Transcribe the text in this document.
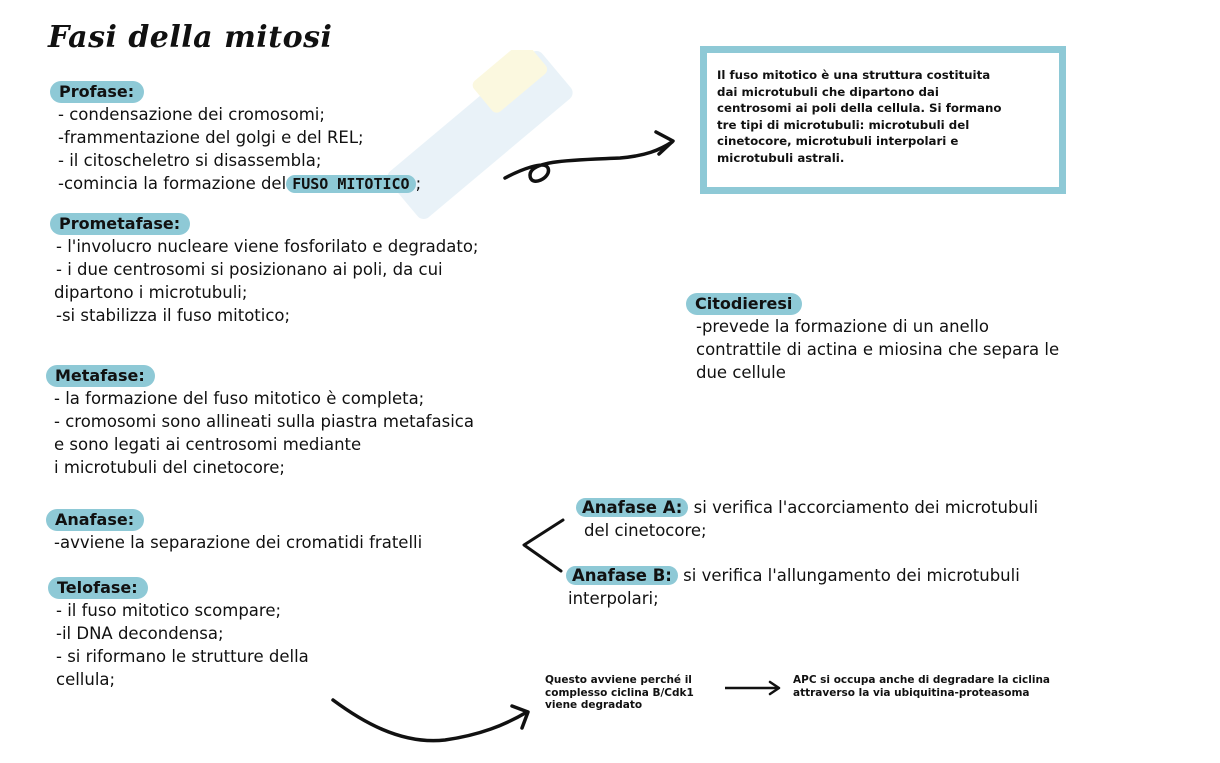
Fasi della mitosi
Profase:
- condensazione dei cromosomi;
-frammentazione del golgi e del REL;
- il citoscheletro si disassembla;
-comincia la formazione del FUSO MITOTICO ;
Prometafase:
- l'involucro nucleare viene fosforilato e degradato;
- i due centrosomi si posizionano ai poli, da cui
dipartono i microtubuli;
-si stabilizza il fuso mitotico;
Metafase:
- la formazione del fuso mitotico è completa;
- cromosomi sono allineati sulla piastra metafasica
e sono legati ai centrosomi mediante
i microtubuli del cinetocore;
Anafase:
-avviene la separazione dei cromatidi fratelli
Telofase:
- il fuso mitotico scompare;
-il DNA decondensa;
- si riformano le strutture della
cellula;
Il fuso mitotico è una struttura costituita
dai microtubuli che dipartono dai
centrosomi ai poli della cellula. Si formano
tre tipi di microtubuli: microtubuli del
cinetocore, microtubuli interpolari e
microtubuli astrali.
Citodieresi
-prevede la formazione di un anello
contrattile di actina e miosina che separa le
due cellule
Anafase A: si verifica l'accorciamento dei microtubuli
del cinetocore;
Anafase B: si verifica l'allungamento dei microtubuli
interpolari;
Questo avviene perché il
complesso ciclina B/Cdk1
viene degradato
APC si occupa anche di degradare la ciclina
attraverso la via ubiquitina-proteasoma
